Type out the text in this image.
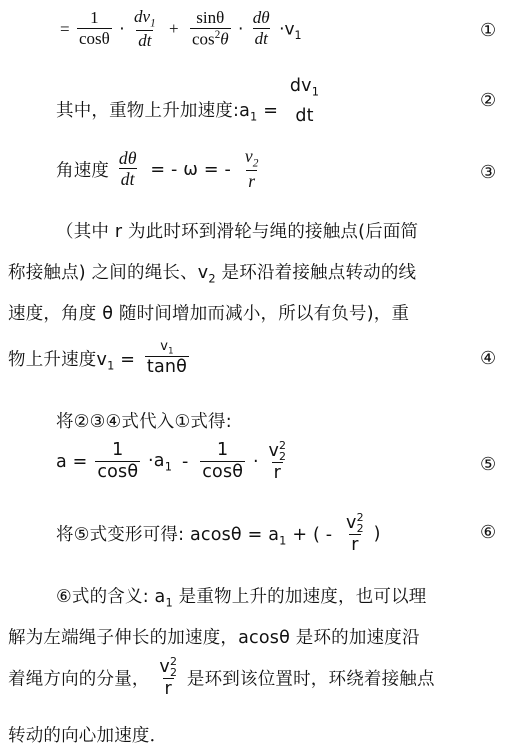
= $\frac{1}{\cos\theta} \cdot \frac{dv_1}{dt} + \frac{\sin\theta}{\cos^2\theta} \cdot \frac{d\theta}{dt} \cdot v_1$	①
其中，重物上升加速度$:a_1$ =
$dv_1$
dt
②
角速度 $\frac{d\theta}{dt}$ = - ω = - $\frac{v_2}{r}$	③
（其中 r 为此时环到滑轮与绳的接触点(后面简
称接触点) 之间的绳长、$v_2$ 是环沿着接触点转动的线
速度，角度 θ 随时间增加而减小，所以有负号)，重
物上升速度$v_1 = \frac{v_1}{\tan\theta}$	④
将②③④式代入①式得:
$a = \frac{1}{\cos\theta} \cdot a_1 - \frac{1}{\cos\theta} \cdot v$ 2
2
r	⑤
将⑤式变形可得: $acos\theta = a_1$ + ( - v 2
2
r )	⑥
⑥式的含义: $a_1$ 是重物上升的加速度，也可以理
解为左端绳子伸长的加速度，acosθ 是环的加速度沿
着绳方向的分量， v 2
2
r 是环到该位置时，环绕着接触点
转动的向心加速度．
